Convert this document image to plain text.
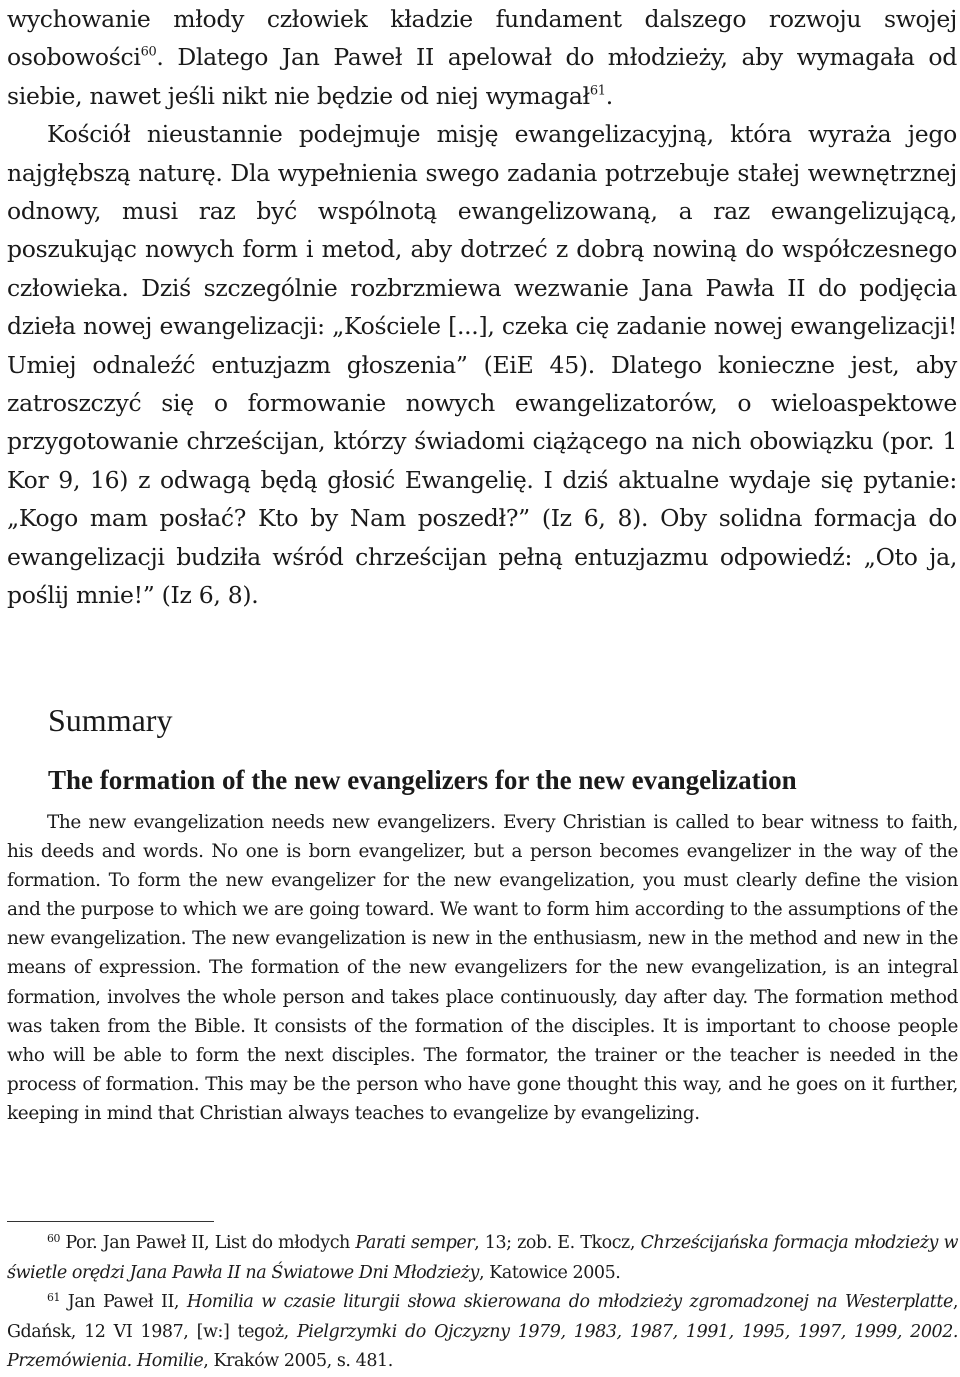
wychowanie młody człowiek kładzie fundament dalszego rozwoju swojej osobowości$^{60}$. Dlatego Jan Paweł II apelował do młodzieży, aby wymagała od siebie, nawet jeśli nikt nie będzie od niej wymagał$^{61}$.

Kościół nieustannie podejmuje misję ewangelizacyjną, która wyraża jego najgłębszą naturę. Dla wypełnienia swego zadania potrzebuje stałej wewnętrznej odnowy, musi raz być wspólnotą ewangelizowaną, a raz ewangelizującą, poszukując nowych form i metod, aby dotrzeć z dobrą nowiną do współczesnego człowieka. Dziś szczególnie rozbrzmiewa wezwanie Jana Pawła II do podjęcia dzieła nowej ewangelizacji: „Kościele [...], czeka cię zadanie nowej ewangelizacji! Umiej odnaleźć entuzjazm głoszenia” (EiE 45). Dlatego konieczne jest, aby zatroszczyć się o formowanie nowych ewangelizatorów, o wieloaspektowe przygotowanie chrześcijan, którzy świadomi ciążącego na nich obowiązku (por. 1 Kor 9, 16) z odwagą będą głosić Ewangelię. I dziś aktualne wydaje się pytanie: „Kogo mam posłać? Kto by Nam poszedł?” (Iz 6, 8). Oby solidna formacja do ewangelizacji budziła wśród chrześcijan pełną entuzjazmu odpowiedź: „Oto ja, poślij mnie!” (Iz 6, 8).

Summary
The formation of the new evangelizers for the new evangelization

The new evangelization needs new evangelizers. Every Christian is called to bear witness to faith, his deeds and words. No one is born evangelizer, but a person becomes evangelizer in the way of the formation. To form the new evangelizer for the new evangelization, you must clearly define the vision and the purpose to which we are going toward. We want to form him according to the assumptions of the new evangelization. The new evangelization is new in the enthusiasm, new in the method and new in the means of expression. The formation of the new evangelizers for the new evangelization, is an integral formation, involves the whole person and takes place continuously, day after day. The formation method was taken from the Bible. It consists of the formation of the disciples. It is important to choose people who will be able to form the next disciples. The formator, the trainer or the teacher is needed in the process of formation. This may be the person who have gone thought this way, and he goes on it further, keeping in mind that Christian always teaches to evangelize by evangelizing.

$^{60}$ Por. Jan Paweł II, List do młodych Parati semper, 13; zob. E. Tkocz, Chrześcijańska formacja młodzieży w świetle orędzi Jana Pawła II na Światowe Dni Młodzieży, Katowice 2005.

$^{61}$ Jan Paweł II, Homilia w czasie liturgii słowa skierowana do młodzieży zgromadzonej na Westerplatte, Gdańsk, 12 VI 1987, [w:] tegoż, Pielgrzymki do Ojczyzny 1979, 1983, 1987, 1991, 1995, 1997, 1999, 2002. Przemówienia. Homilie, Kraków 2005, s. 481.
